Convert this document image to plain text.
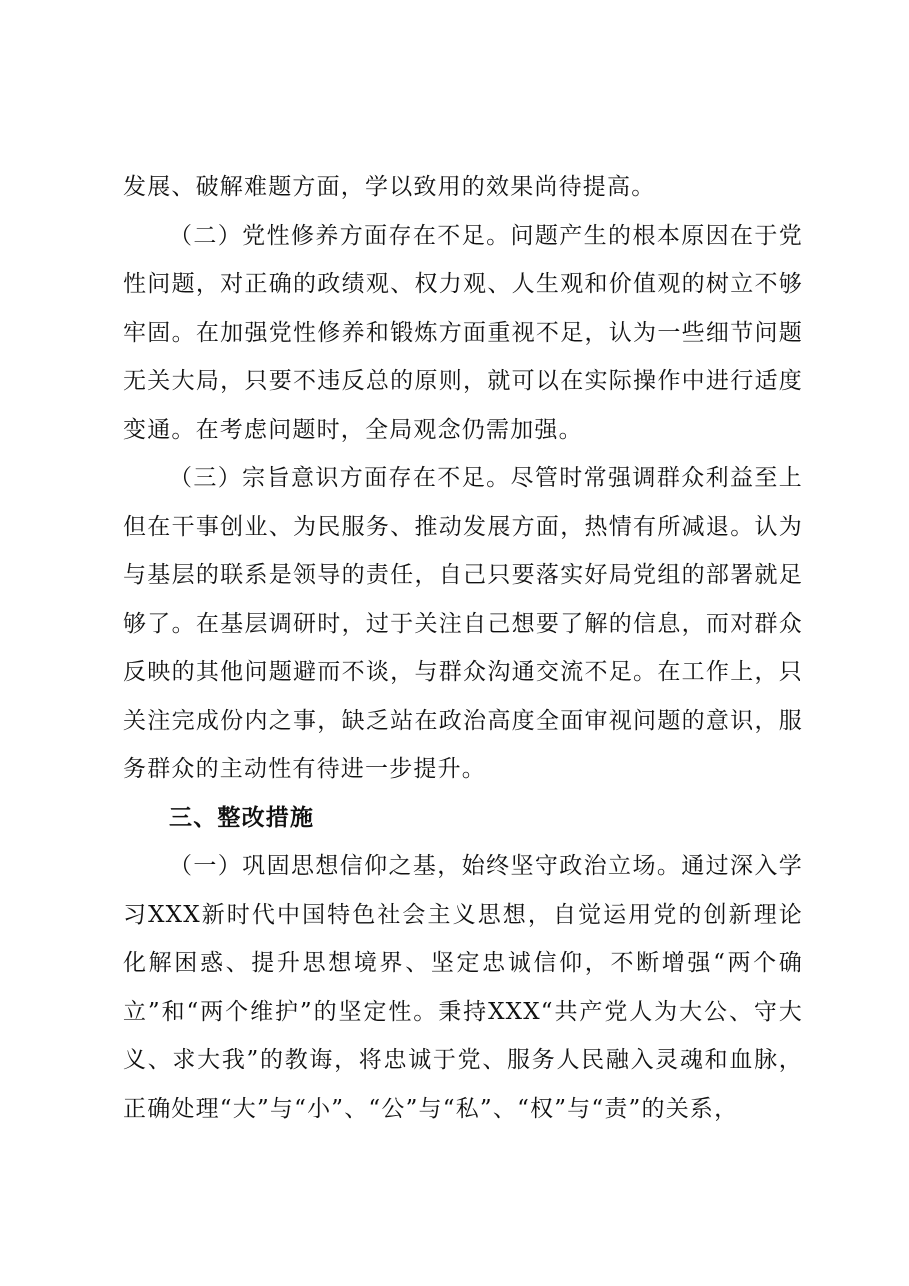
发展、破解难题方面，学以致用的效果尚待提高。

（二）党性修养方面存在不足。问题产生的根本原因在于党性问题，对正确的政绩观、权力观、人生观和价值观的树立不够牢固。在加强党性修养和锻炼方面重视不足，认为一些细节问题无关大局，只要不违反总的原则，就可以在实际操作中进行适度变通。在考虑问题时，全局观念仍需加强。

（三）宗旨意识方面存在不足。尽管时常强调群众利益至上但在干事创业、为民服务、推动发展方面，热情有所减退。认为与基层的联系是领导的责任，自己只要落实好局党组的部署就足够了。在基层调研时，过于关注自己想要了解的信息，而对群众反映的其他问题避而不谈，与群众沟通交流不足。在工作上，只关注完成份内之事，缺乏站在政治高度全面审视问题的意识，服务群众的主动性有待进一步提升。

三、整改措施

（一）巩固思想信仰之基，始终坚守政治立场。通过深入学习XXX新时代中国特色社会主义思想，自觉运用党的创新理论化解困惑、提升思想境界、坚定忠诚信仰，不断增强“两个确立”和“两个维护”的坚定性。秉持XXX“共产党人为大公、守大义、求大我”的教诲，将忠诚于党、服务人民融入灵魂和血脉，正确处理“大”与“小”、“公”与“私”、“权”与“责”的关系，
